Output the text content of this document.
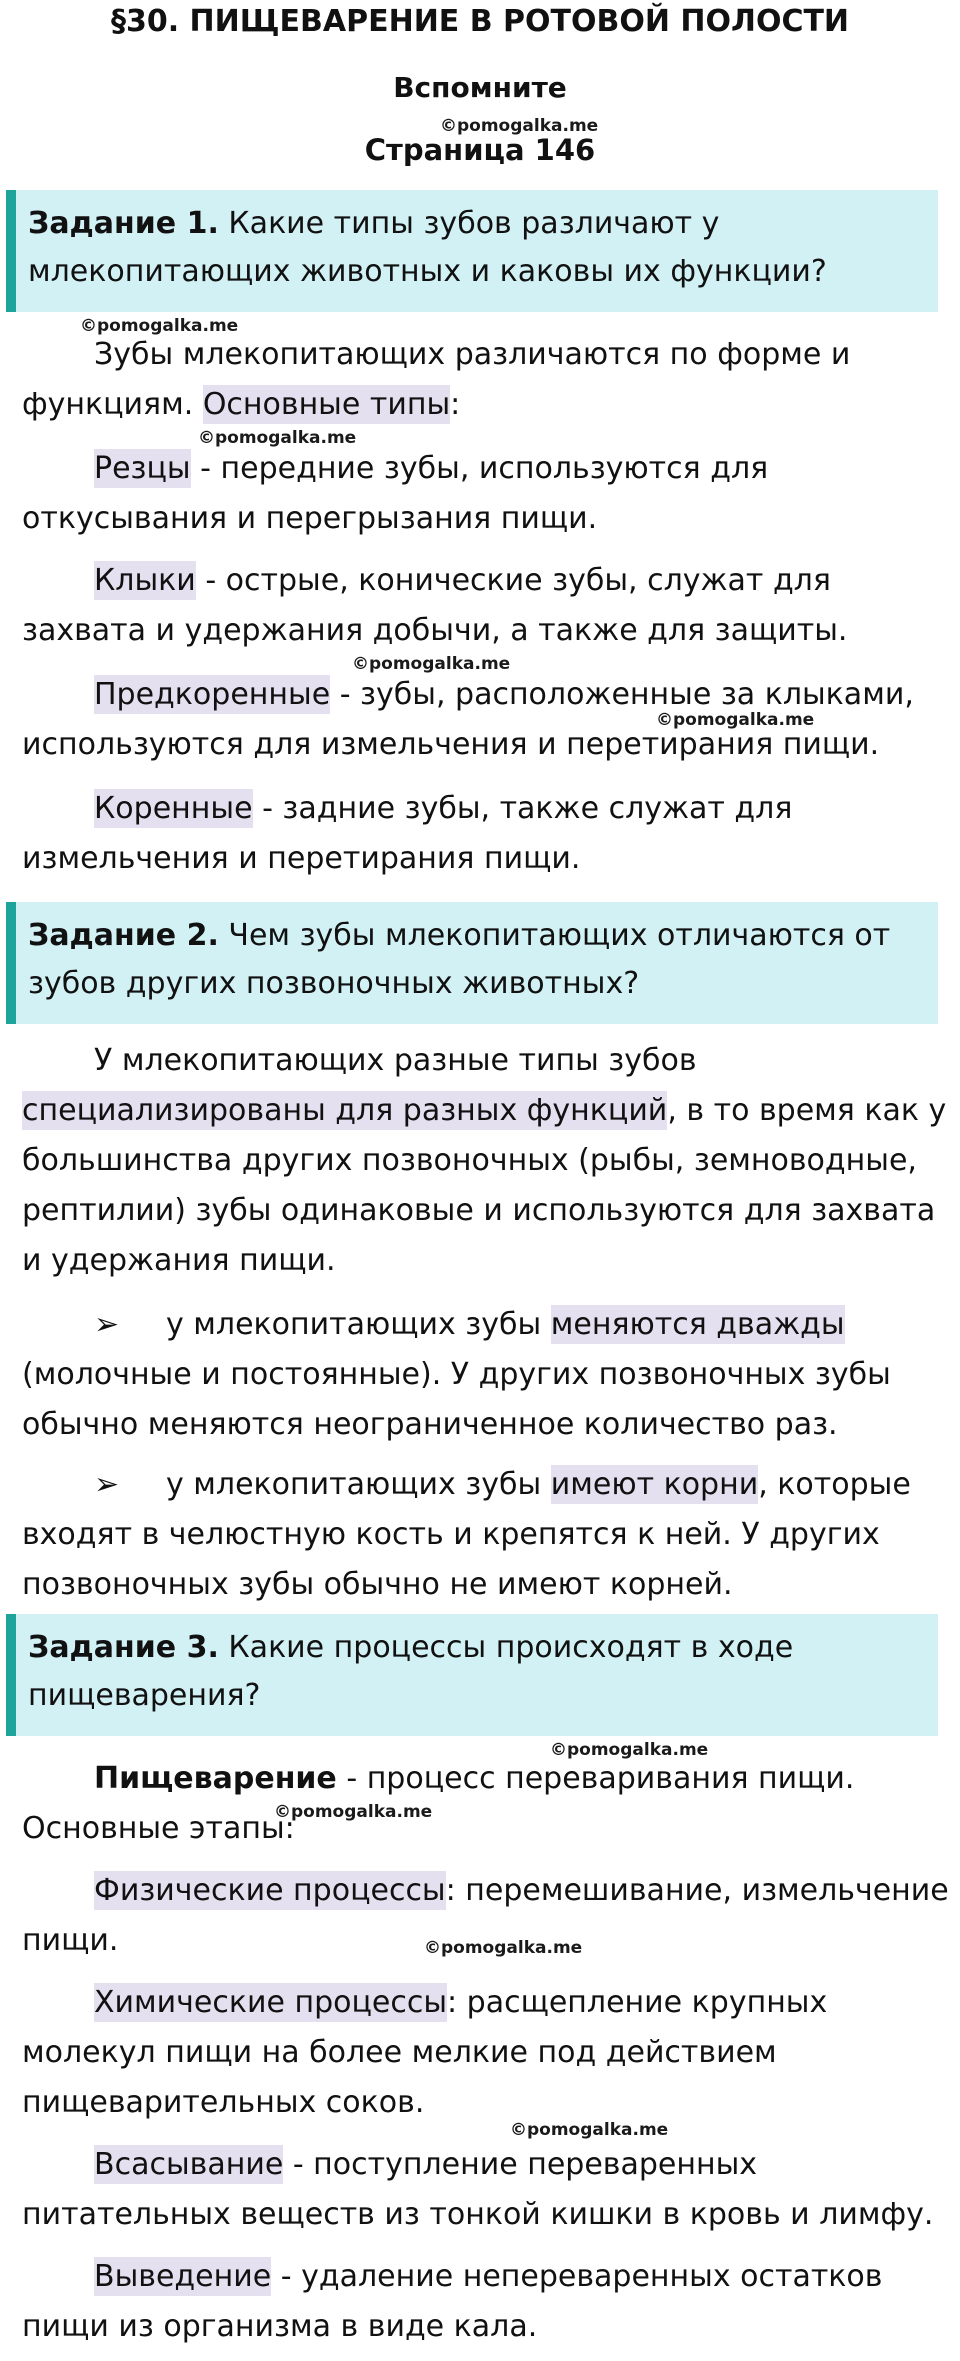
§30. ПИЩЕВАРЕНИЕ В РОТОВОЙ ПОЛОСТИ
Вспомните
©pomogalka.me
Страница 146
Задание 1. Какие типы зубов различают у млекопитающих животных и каковы их функции?
©pomogalka.me
Зубы млекопитающих различаются по форме и функциям. Основные типы:
©pomogalka.me
Резцы - передние зубы, используются для откусывания и перегрызания пищи.
Клыки - острые, конические зубы, служат для захвата и удержания добычи, а также для защиты.
©pomogalka.me
Предкоренные - зубы, расположенные за клыками, используются для измельчения и перетирания пищи.
©pomogalka.me
Коренные - задние зубы, также служат для измельчения и перетирания пищи.
Задание 2. Чем зубы млекопитающих отличаются от зубов других позвоночных животных?
У млекопитающих разные типы зубов специализированы для разных функций, в то время как у большинства других позвоночных (рыбы, земноводные, рептилии) зубы одинаковые и используются для захвата и удержания пищи.
➢ у млекопитающих зубы меняются дважды (молочные и постоянные). У других позвоночных зубы обычно меняются неограниченное количество раз.
➢ у млекопитающих зубы имеют корни, которые входят в челюстную кость и крепятся к ней. У других позвоночных зубы обычно не имеют корней.
Задание 3. Какие процессы происходят в ходе пищеварения?
©pomogalka.me
Пищеварение - процесс переваривания пищи. Основные этапы:
©pomogalka.me
Физические процессы: перемешивание, измельчение пищи.	©pomogalka.me
Химические процессы: расщепление крупных молекул пищи на более мелкие под действием пищеварительных соков.
©pomogalka.me
Всасывание - поступление переваренных питательных веществ из тонкой кишки в кровь и лимфу.
Выведение - удаление непереваренных остатков пищи из организма в виде кала.
